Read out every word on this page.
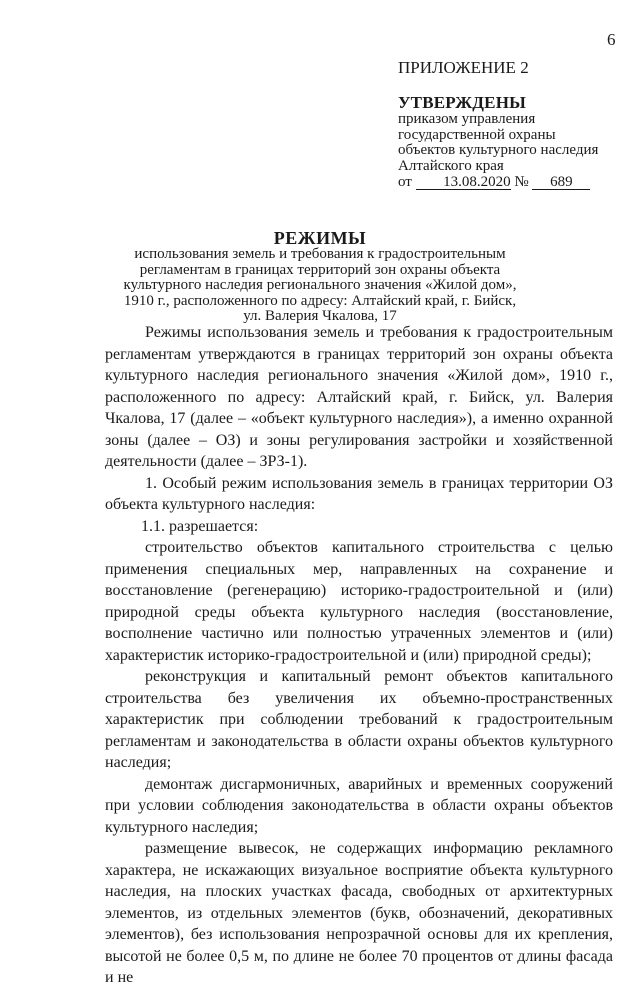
6
ПРИЛОЖЕНИЕ 2
УТВЕРЖДЕНЫ
приказом управления
государственной охраны
объектов культурного наследия
Алтайского края
от 13.08.2020 № 689
РЕЖИМЫ
использования земель и требования к градостроительным
регламентам в границах территорий зон охраны объекта
культурного наследия регионального значения «Жилой дом»,
1910 г., расположенного по адресу: Алтайский край, г. Бийск,
ул. Валерия Чкалова, 17

Режимы использования земель и требования к градостроительным регламентам утверждаются в границах территорий зон охраны объекта культурного наследия регионального значения «Жилой дом», 1910 г., расположенного по адресу: Алтайский край, г. Бийск, ул. Валерия Чкалова, 17 (далее – «объект культурного наследия»), а именно охранной зоны (далее – ОЗ) и зоны регулирования застройки и хозяйственной деятельности (далее – ЗРЗ-1).

1. Особый режим использования земель в границах территории ОЗ объекта культурного наследия:

1.1. разрешается:

строительство объектов капитального строительства с целью применения специальных мер, направленных на сохранение и восстановление (регенерацию) историко-градостроительной и (или) природной среды объекта культурного наследия (восстановление, восполнение частично или полностью утраченных элементов и (или) характеристик историко-градостроительной и (или) природной среды);

реконструкция и капитальный ремонт объектов капитального строительства без увеличения их объемно-пространственных характеристик при соблюдении требований к градостроительным регламентам и законодательства в области охраны объектов культурного наследия;

демонтаж дисгармоничных, аварийных и временных сооружений при условии соблюдения законодательства в области охраны объектов культурного наследия;

размещение вывесок, не содержащих информацию рекламного характера, не искажающих визуальное восприятие объекта культурного наследия, на плоских участках фасада, свободных от архитектурных элементов, из отдельных элементов (букв, обозначений, декоративных элементов), без использования непрозрачной основы для их крепления, высотой не более 0,5 м, по длине не более 70 процентов от длины фасада и не
